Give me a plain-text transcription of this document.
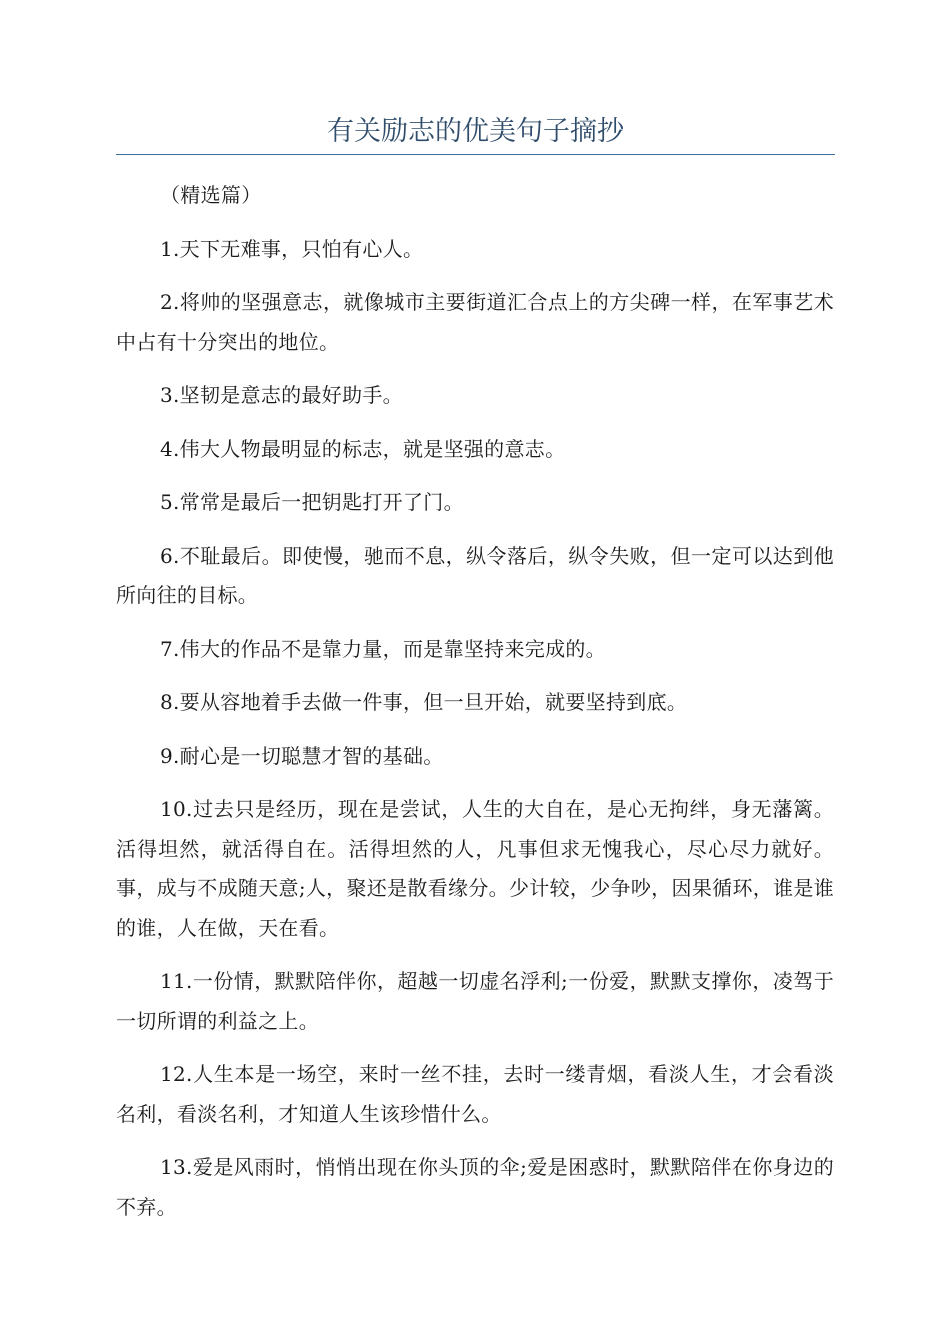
有关励志的优美句子摘抄

（精选篇）

1.天下无难事，只怕有心人。

2.将帅的坚强意志，就像城市主要街道汇合点上的方尖碑一样，在军事艺术中占有十分突出的地位。

3.坚韧是意志的最好助手。

4.伟大人物最明显的标志，就是坚强的意志。

5.常常是最后一把钥匙打开了门。

6.不耻最后。即使慢，驰而不息，纵令落后，纵令失败，但一定可以达到他所向往的目标。

7.伟大的作品不是靠力量，而是靠坚持来完成的。

8.要从容地着手去做一件事，但一旦开始，就要坚持到底。

9.耐心是一切聪慧才智的基础。

10.过去只是经历，现在是尝试，人生的大自在，是心无拘绊，身无藩篱。活得坦然，就活得自在。活得坦然的人，凡事但求无愧我心，尽心尽力就好。事，成与不成随天意;人，聚还是散看缘分。少计较，少争吵，因果循环，谁是谁的谁，人在做，天在看。

11.一份情，默默陪伴你，超越一切虚名浮利;一份爱，默默支撑你，凌驾于一切所谓的利益之上。

12.人生本是一场空，来时一丝不挂，去时一缕青烟，看淡人生，才会看淡名利，看淡名利，才知道人生该珍惜什么。

13.爱是风雨时，悄悄出现在你头顶的伞;爱是困惑时，默默陪伴在你身边的不弃。
